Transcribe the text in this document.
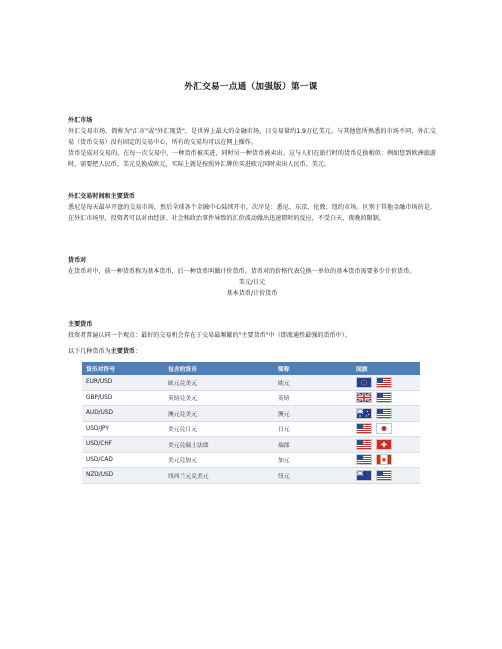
外汇交易一点通（加强版）第一课

外汇市场

外汇交易市场，简称为"汇市"或"外汇现货"，是世界上最大的金融市场，日交易量约1.9万亿美元。与其他您所熟悉的市场不同，外汇交易（货币交易）没有固定的交易中心，所有的交易均可以在网上操作。

货币是成对交易的。在每一次交易中，一种货币被买进，同时另一种货币被卖出。这与人们在旅行时的货币兑换相似：例如您到欧洲旅游时，需要把人民币、美元兑换成欧元，实际上就是按照外汇牌价买进欧元同时卖出人民币、美元。

外汇交易时间和主要货币

悉尼是每天最早开盘的交易市场，然后全球各个金融中心陆续开市，次序是：悉尼、东京、伦敦、纽约市场。区别于其他金融市场的是，在外汇市场里，投资者可以对由经济、社会和政治事件导致的汇价波动做出迅速即时的反应，不受白天、夜晚的限制。

货币对

在货币对中，前一种货币称为基本货币，后一种货币叫做计价货币。货币对的价格代表兑换一单位的基本货币需要多少计价货币。

美元/日元

基本货币/计价货币

主要货币

投资者普遍认同一个观点：最好的交易机会存在于交易最频繁的"主要货币"中（即流通性最强的货币中）。

以下几种货币为主要货币：
货币对符号	包含的货币	简称	国旗
EUR/USD	欧元兑美元	欧元	

GBP/USD	英镑兑美元	英镑	

AUD/USD	澳元兑美元	澳元	

USD/JPY	美元兑日元	日元	

USD/CHF	美元兑瑞士法郎	瑞郎	

USD/CAD	美元兑加元	加元	

NZD/USD	纽西兰元兑美元	纽元	
